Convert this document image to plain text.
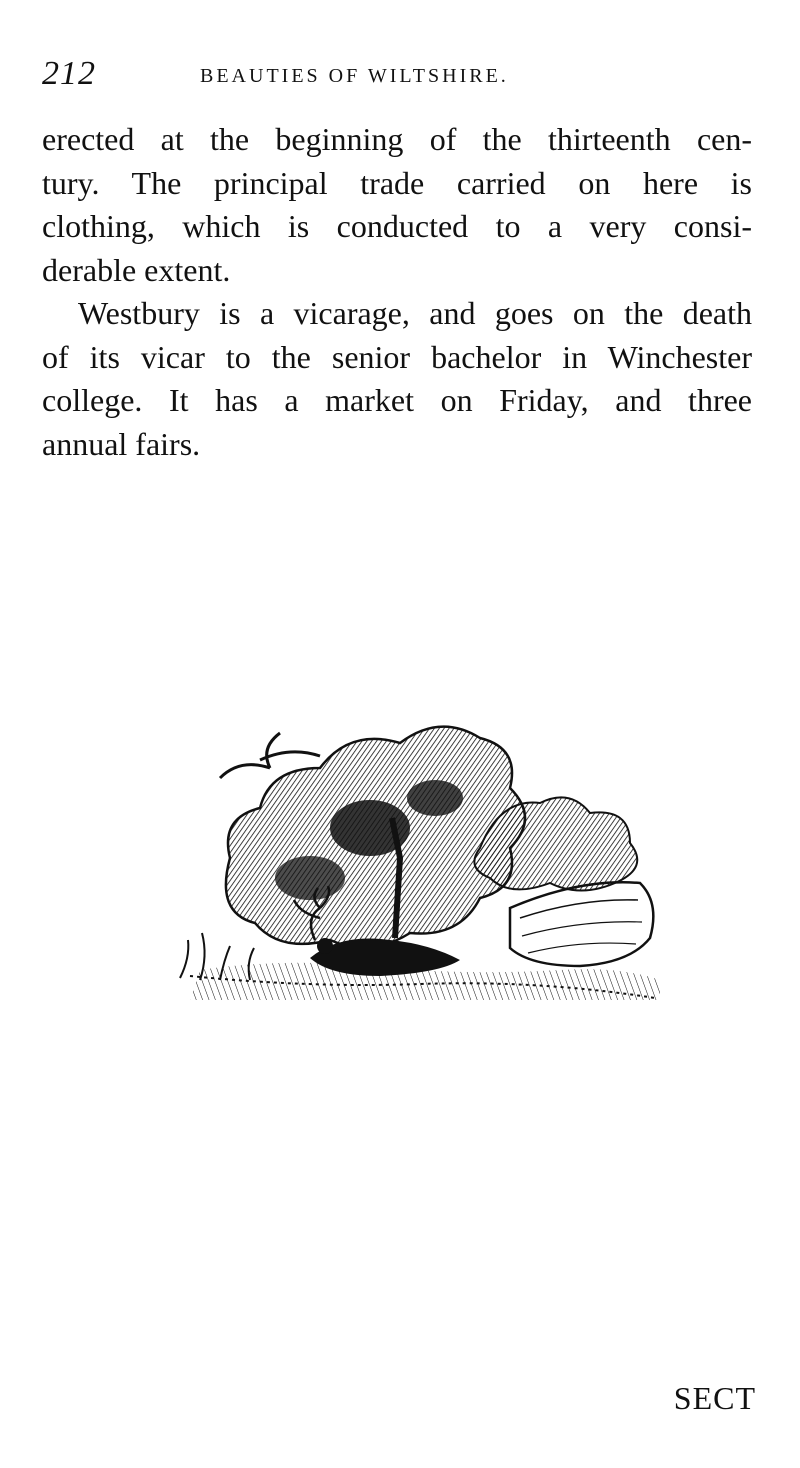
212	BEAUTIES OF WILTSHIRE.
erected at the beginning of the thirteenth cen-
tury. The principal trade carried on here is
clothing, which is conducted to a very consi-
derable extent.
Westbury is a vicarage, and goes on the death
of its vicar to the senior bachelor in Winchester
college. It has a market on Friday, and three
annual fairs.
SECT
